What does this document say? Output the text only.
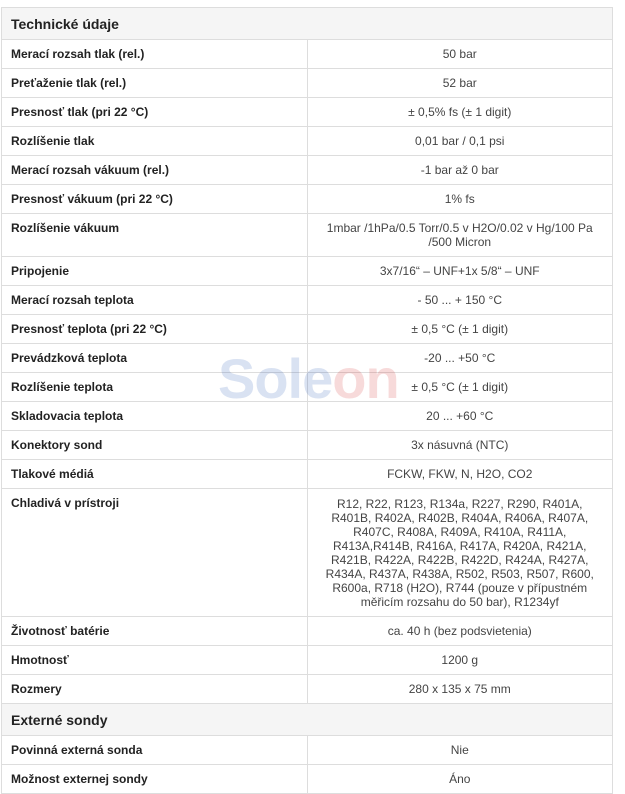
Technické údaje	
Merací rozsah tlak (rel.)	50 bar
Preťaženie tlak (rel.)	52 bar
Presnosť tlak (pri 22 °C)	± 0,5% fs (± 1 digit)
Rozlíšenie tlak	0,01 bar / 0,1 psi
Merací rozsah vákuum (rel.)	-1 bar až 0 bar
Presnosť vákuum (pri 22 °C)	1% fs
Rozlíšenie vákuum	1mbar /1hPa/0.5 Torr/0.5 v H2O/0.02 v Hg/100 Pa /500 Micron
Pripojenie	3x7/16“ – UNF+1x 5/8“ – UNF
Merací rozsah teplota	- 50 ... + 150 °C
Presnosť teplota (pri 22 °C)	± 0,5 °C (± 1 digit)
Prevádzková teplota	-20 ... +50 °C
Rozlíšenie teplota	± 0,5 °C (± 1 digit)
Skladovacia teplota	20 ... +60 °C
Konektory sond	3x násuvná (NTC)
Tlakové médiá	FCKW, FKW, N, H2O, CO2
Chladivá v prístroji	R12, R22, R123, R134a, R227, R290, R401A, R401B, R402A, R402B, R404A, R406A, R407A, R407C, R408A, R409A, R410A, R411A, R413A,R414B, R416A, R417A, R420A, R421A, R421B, R422A, R422B, R422D, R424A, R427A, R434A, R437A, R438A, R502, R503, R507, R600, R600a, R718 (H2O), R744 (pouze v přípustném měřicím rozsahu do 50 bar), R1234yf
Životnosť batérie	ca. 40 h (bez podsvietenia)
Hmotnosť	1200 g
Rozmery	280 x 135 x 75 mm
Externé sondy	
Povinná externá sonda	Nie
Možnost externej sondy	Áno
Soleon
